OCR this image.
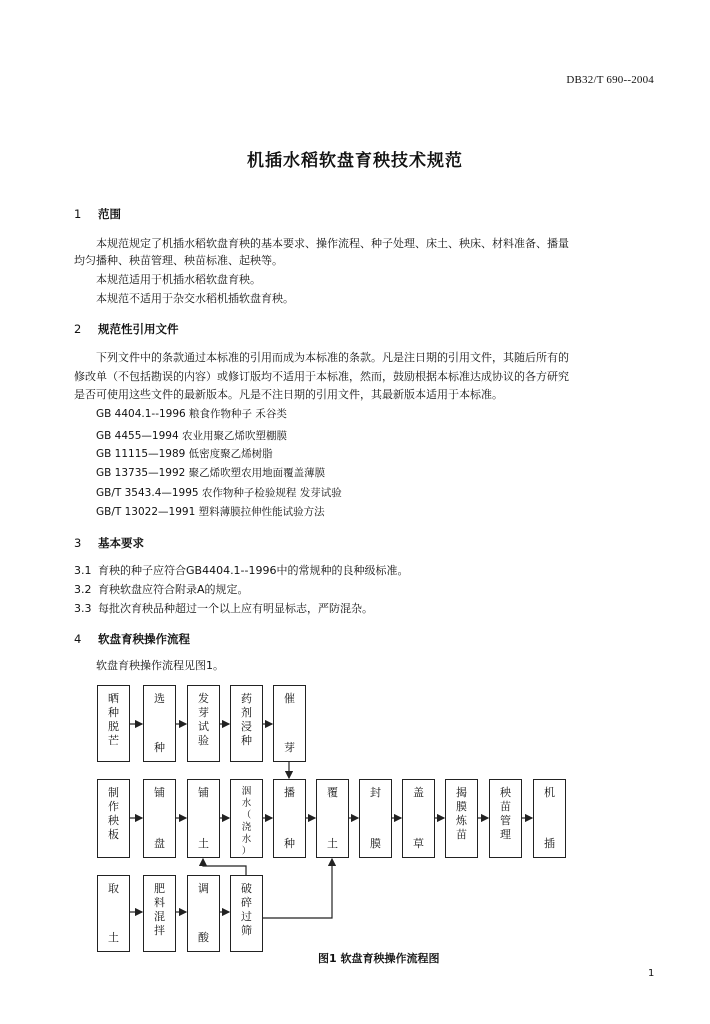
DB32/T 690--2004
机插水稻软盘育秧技术规范
1 范围
本规范规定了机插水稻软盘育秧的基本要求、操作流程、种子处理、床土、秧床、材料准备、播量
均匀播种、秧苗管理、秧苗标准、起秧等。
本规范适用于机插水稻软盘育秧。
本规范不适用于杂交水稻机插软盘育秧。
2 规范性引用文件
下列文件中的条款通过本标准的引用而成为本标准的条款。凡是注日期的引用文件，其随后所有的
修改单（不包括勘误的内容）或修订版均不适用于本标准，然而，鼓励根据本标准达成协议的各方研究
是否可使用这些文件的最新版本。凡是不注日期的引用文件，其最新版本适用于本标准。
GB 4404.1--1996 粮食作物种子 禾谷类
GB 4455—1994 农业用聚乙烯吹塑棚膜
GB 11115—1989 低密度聚乙烯树脂
GB 13735—1992 聚乙烯吹塑农用地面覆盖薄膜
GB/T 3543.4—1995 农作物种子检验规程 发芽试验
GB/T 13022—1991 塑料薄膜拉伸性能试验方法
3 基本要求
3.1 育秧的种子应符合GB4404.1--1996中的常规种的良种级标准。
3.2 育秧软盘应符合附录A的规定。
3.3 每批次育秧品种超过一个以上应有明显标志，严防混杂。
4 软盘育秧操作流程
软盘育秧操作流程见图1。
晒
种
脱
芒
选
种
发
芽
试
验
药
剂
浸
种
催
芽
制
作
秧
板
铺
盘
铺
土
洇
水
（
浇
水
）
播
种
覆
土
封
膜
盖
草
揭
膜
炼
苗
秧
苗
管
理
机
插
取
土
肥
料
混
拌
调
酸
破
碎
过
筛
图1 软盘育秧操作流程图
1
